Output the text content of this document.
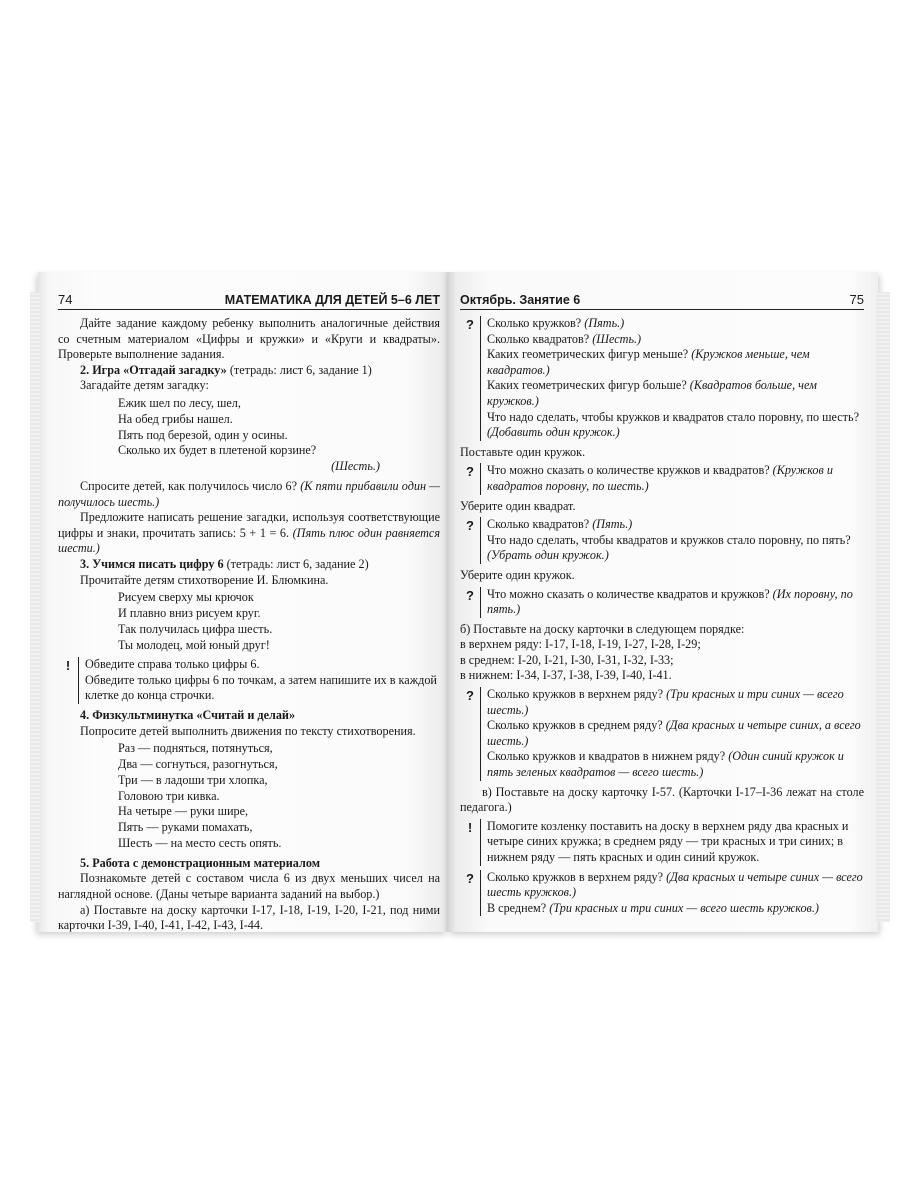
74	МАТЕМАТИКА ДЛЯ ДЕТЕЙ 5–6 ЛЕТ

Дайте задание каждому ребенку выполнить аналогичные действия со счетным материалом «Цифры и кружки» и «Круги и квадраты». Проверьте выполнение задания.

2. Игра «Отгадай загадку» (тетрадь: лист 6, задание 1)

Загадайте детям загадку:

Ежик шел по лесу, шел,
На обед грибы нашел.
Пять под березой, один у осины.
Сколько их будет в плетеной корзине?
(Шесть.)

Спросите детей, как получилось число 6? (К пяти прибавили один — получилось шесть.)

Предложите написать решение загадки, используя соответствующие цифры и знаки, прочитать запись: 5 + 1 = 6. (Пять плюс один равняется шести.)

3. Учимся писать цифру 6 (тетрадь: лист 6, задание 2)

Прочитайте детям стихотворение И. Блюмкина.

Рисуем сверху мы крючок
И плавно вниз рисуем круг.
Так получилась цифра шесть.
Ты молодец, мой юный друг!
!	Обведите справа только цифры 6.

Обведите только цифры 6 по точкам, а затем напишите их в каждой клетке до конца строчки.

4. Физкультминутка «Считай и делай»

Попросите детей выполнить движения по тексту стихотворения.

Раз — подняться, потянуться,
Два — согнуться, разогнуться,
Три — в ладоши три хлопка,
Головою три кивка.
На четыре — руки шире,
Пять — руками помахать,
Шесть — на место сесть опять.

5. Работа с демонстрационным материалом

Познакомьте детей с составом числа 6 из двух меньших чисел на наглядной основе. (Даны четыре варианта заданий на выбор.)

а) Поставьте на доску карточки I-17, I-18, I-19, I-20, I-21, под ними карточки I-39, I-40, I-41, I-42, I-43, I-44.

Октябрь. Занятие 6	75
?	Сколько кружков? (Пять.)

Сколько квадратов? (Шесть.)

Каких геометрических фигур меньше? (Кружков меньше, чем квадратов.)

Каких геометрических фигур больше? (Квадратов больше, чем кружков.)

Что надо сделать, чтобы кружков и квадратов стало поровну, по шесть? (Добавить один кружок.)

Поставьте один кружок.

?	Что можно сказать о количестве кружков и квадратов? (Кружков и квадратов поровну, по шесть.)

Уберите один квадрат.

?	Сколько квадратов? (Пять.)

Что надо сделать, чтобы квадратов и кружков стало поровну, по пять? (Убрать один кружок.)

Уберите один кружок.

?	Что можно сказать о количестве квадратов и кружков? (Их поровну, по пять.)

б) Поставьте на доску карточки в следующем порядке:

в верхнем ряду: I-17, I-18, I-19, I-27, I-28, I-29;

в среднем: I-20, I-21, I-30, I-31, I-32, I-33;

в нижнем: I-34, I-37, I-38, I-39, I-40, I-41.

?	Сколько кружков в верхнем ряду? (Три красных и три синих — всего шесть.)

Сколько кружков в среднем ряду? (Два красных и четыре синих, а всего шесть.)

Сколько кружков и квадратов в нижнем ряду? (Один синий кружок и пять зеленых квадратов — всего шесть.)

в) Поставьте на доску карточку I-57. (Карточки I-17–I-36 лежат на столе педагога.)

!	Помогите козленку поставить на доску в верхнем ряду два красных и четыре синих кружка; в среднем ряду — три красных и три синих; в нижнем ряду — пять красных и один синий кружок.

?	Сколько кружков в верхнем ряду? (Два красных и четыре синих — всего шесть кружков.)

В среднем? (Три красных и три синих — всего шесть кружков.)
